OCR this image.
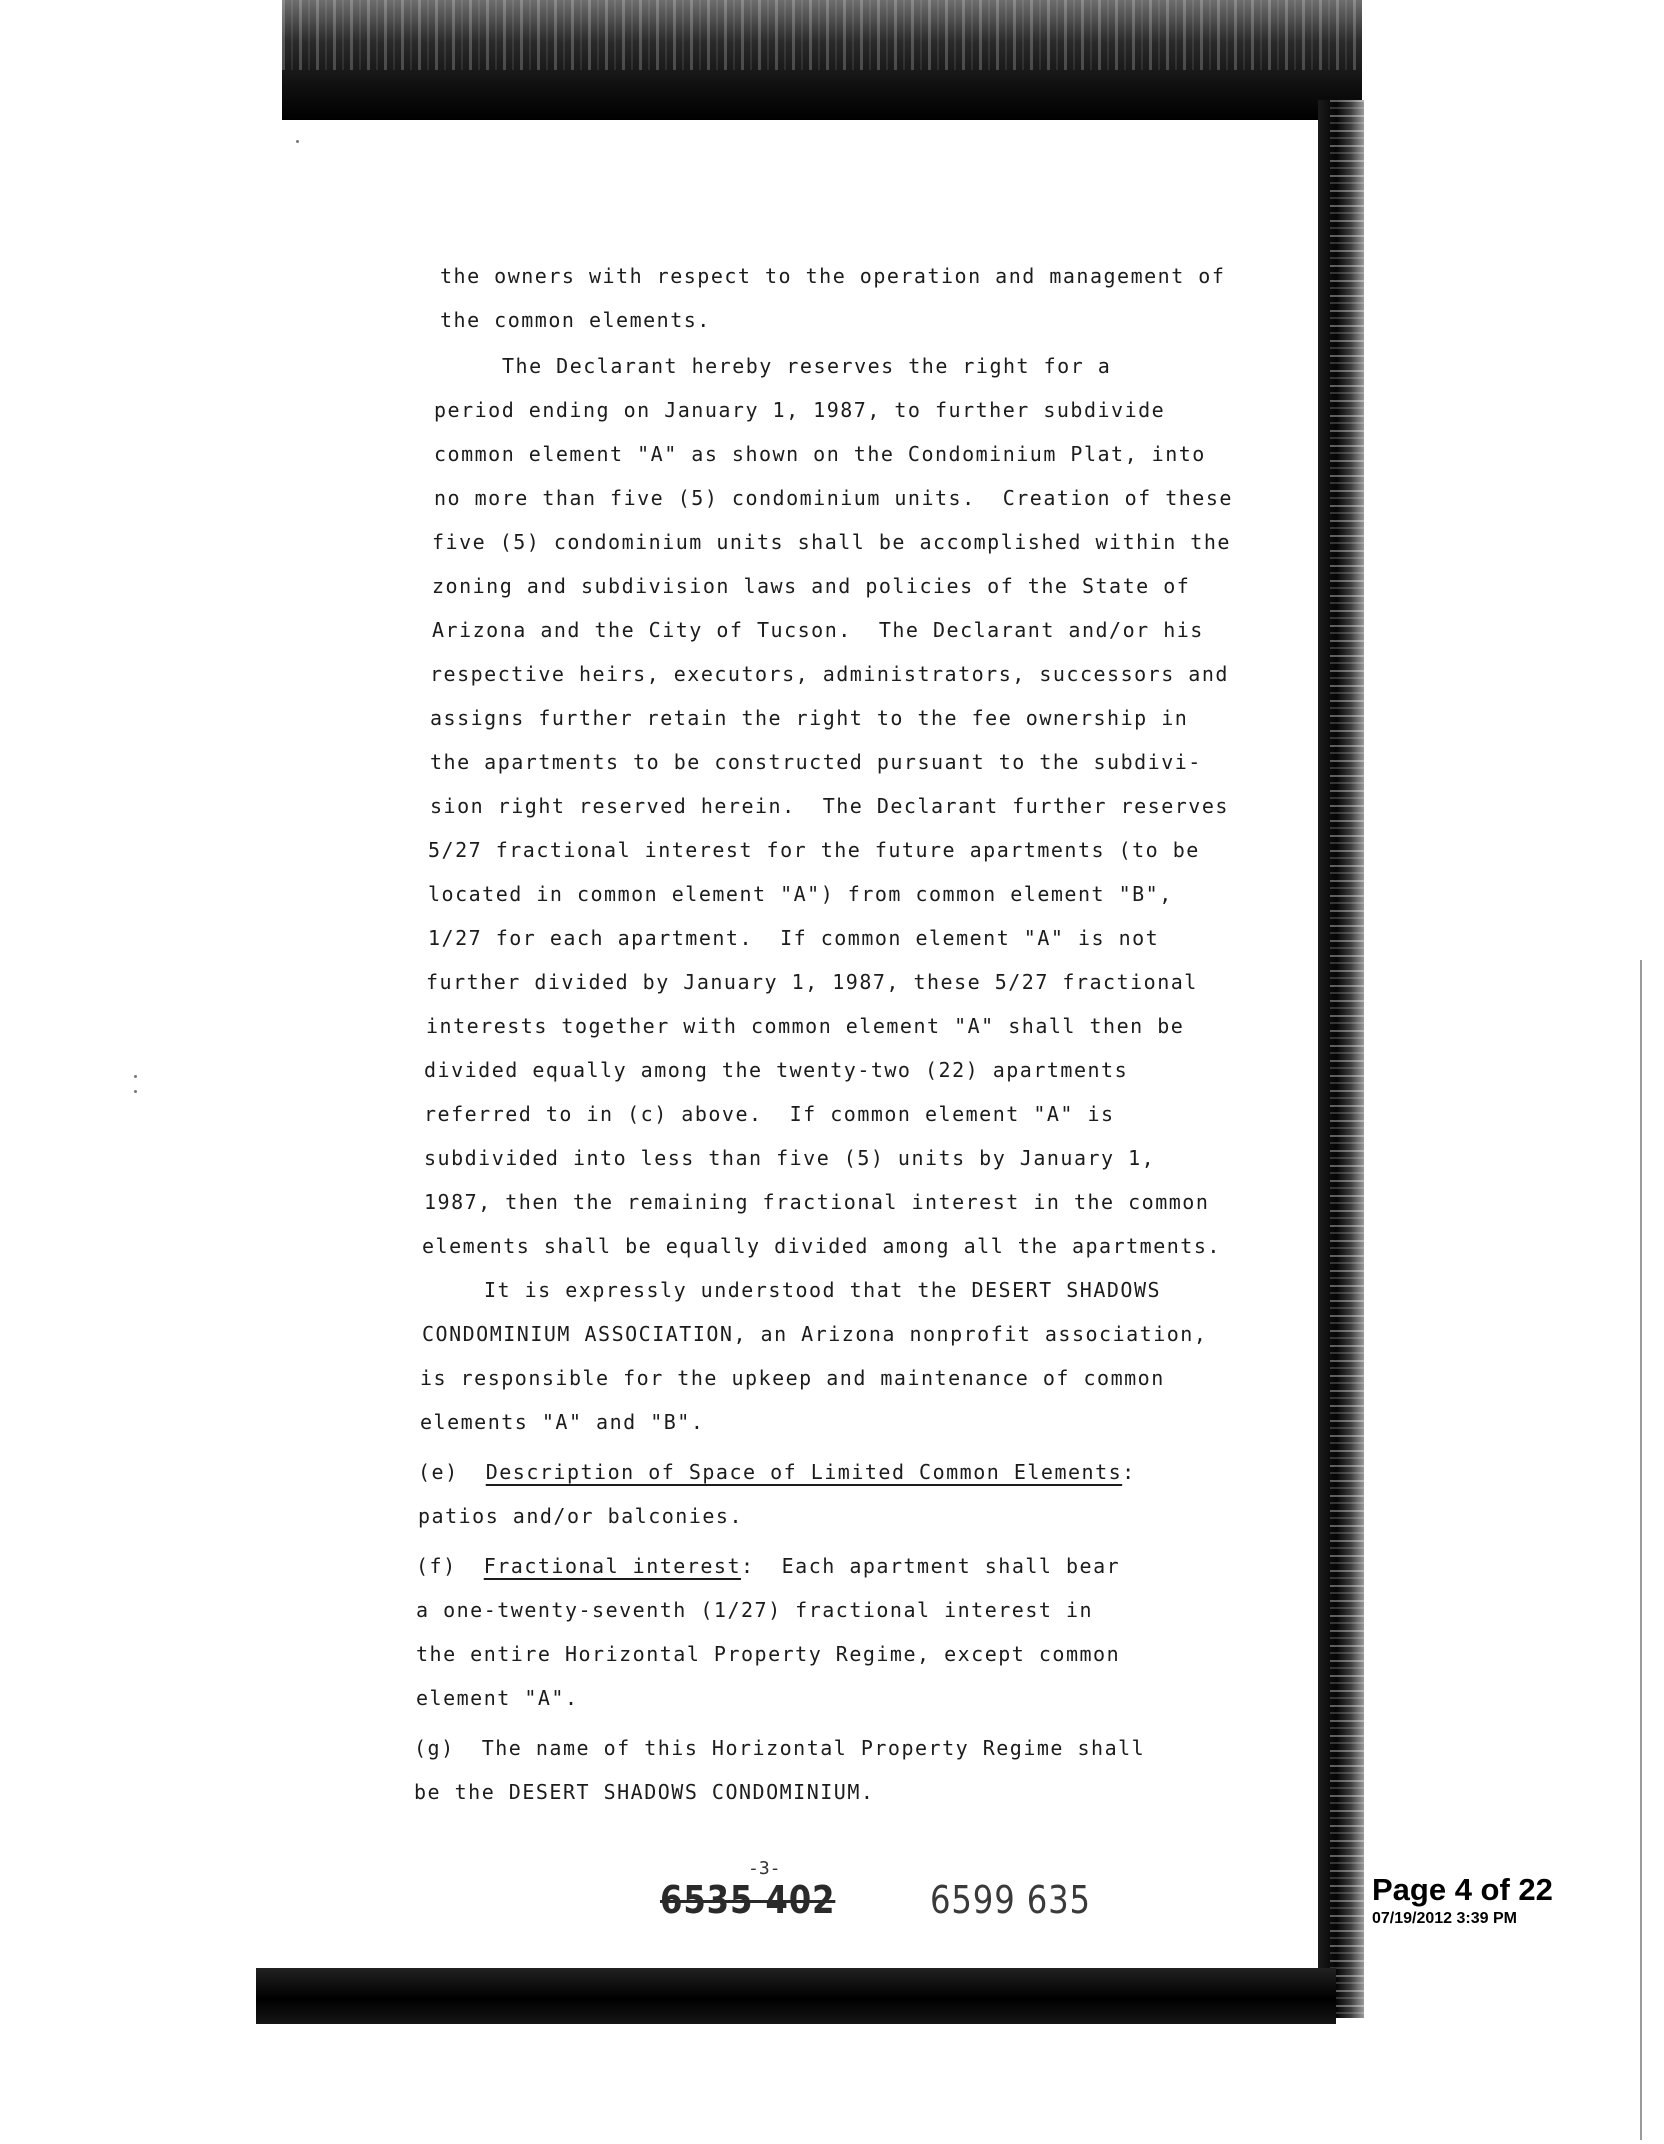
the owners with respect to the operation and management of
the common elements.
The Declarant hereby reserves the right for a
period ending on January 1, 1987, to further subdivide
common element "A" as shown on the Condominium Plat, into
no more than five (5) condominium units.  Creation of these
five (5) condominium units shall be accomplished within the
zoning and subdivision laws and policies of the State of
Arizona and the City of Tucson.  The Declarant and/or his
respective heirs, executors, administrators, successors and
assigns further retain the right to the fee ownership in
the apartments to be constructed pursuant to the subdivi-
sion right reserved herein.  The Declarant further reserves
5/27 fractional interest for the future apartments (to be
located in common element "A") from common element "B",
1/27 for each apartment.  If common element "A" is not
further divided by January 1, 1987, these 5/27 fractional
interests together with common element "A" shall then be
divided equally among the twenty-two (22) apartments
referred to in (c) above.  If common element "A" is
subdivided into less than five (5) units by January 1,
1987, then the remaining fractional interest in the common
elements shall be equally divided among all the apartments.
It is expressly understood that the DESERT SHADOWS
CONDOMINIUM ASSOCIATION, an Arizona nonprofit association,
is responsible for the upkeep and maintenance of common
elements "A" and "B".
(e) Description of Space of Limited Common Elements:
patios and/or balconies.
(f) Fractional interest: Each apartment shall bear
a one-twenty-seventh (1/27) fractional interest in
the entire Horizontal Property Regime, except common
element "A".
(g)  The name of this Horizontal Property Regime shall
be the DESERT SHADOWS CONDOMINIUM.
-3-
6535 402 6599 635	Page 4 of 22
07/19/2012 3:39 PM
